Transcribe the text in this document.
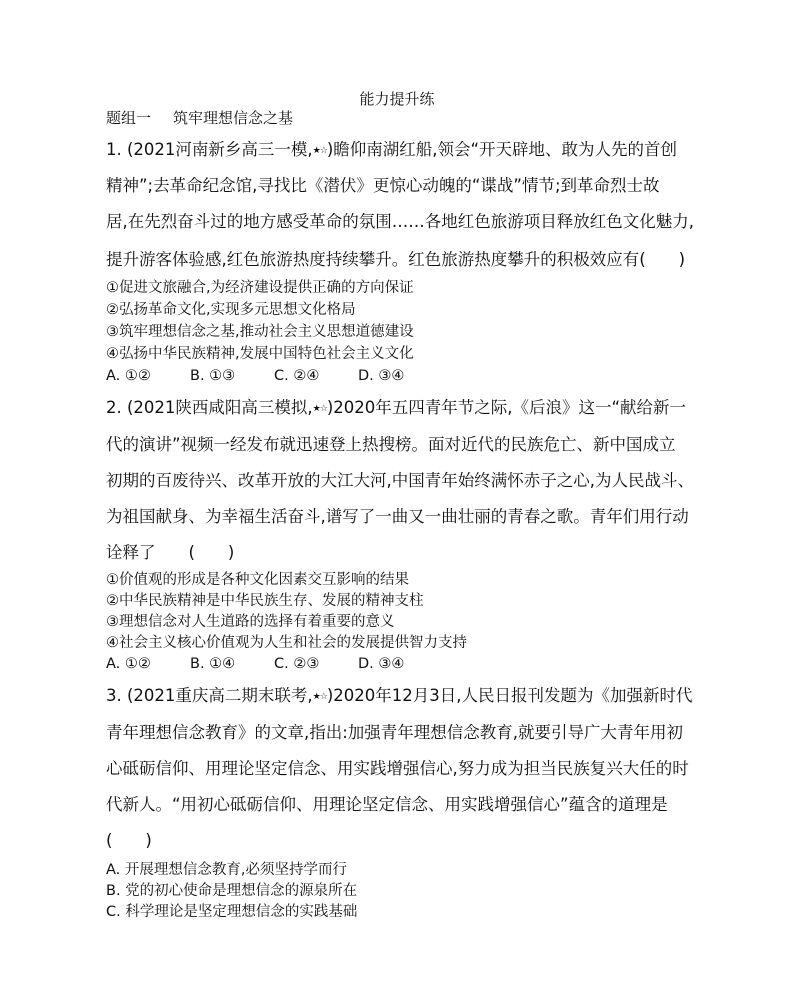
能力提升练
题组一 筑牢理想信念之基
1. (2021河南新乡高三一模,★☆)瞻仰南湖红船,领会“开天辟地、敢为人先的首创
精神”;去革命纪念馆,寻找比《潜伏》更惊心动魄的“谍战”情节;到革命烈士故
居,在先烈奋斗过的地方感受革命的氛围……各地红色旅游项目释放红色文化魅力,
提升游客体验感,红色旅游热度持续攀升。红色旅游热度攀升的积极效应有(　　)
①促进文旅融合,为经济建设提供正确的方向保证
②弘扬革命文化,实现多元思想文化格局
③筑牢理想信念之基,推动社会主义思想道德建设
④弘扬中华民族精神,发展中国特色社会主义文化
A. ①②	B. ①③	C. ②④	D. ③④
2. (2021陕西咸阳高三模拟,★☆)2020年五四青年节之际,《后浪》这一“献给新一
代的演讲”视频一经发布就迅速登上热搜榜。面对近代的民族危亡、新中国成立
初期的百废待兴、改革开放的大江大河,中国青年始终满怀赤子之心,为人民战斗、
为祖国献身、为幸福生活奋斗,谱写了一曲又一曲壮丽的青春之歌。青年们用行动
诠释了　　(　　)
①价值观的形成是各种文化因素交互影响的结果
②中华民族精神是中华民族生存、发展的精神支柱
③理想信念对人生道路的选择有着重要的意义
④社会主义核心价值观为人生和社会的发展提供智力支持
A. ①②	B. ①④	C. ②③	D. ③④
3. (2021重庆高二期末联考,★☆)2020年12月3日,人民日报刊发题为《加强新时代
青年理想信念教育》的文章,指出:加强青年理想信念教育,就要引导广大青年用初
心砥砺信仰、用理论坚定信念、用实践增强信心,努力成为担当民族复兴大任的时
代新人。“用初心砥砺信仰、用理论坚定信念、用实践增强信心”蕴含的道理是
(　　)
A. 开展理想信念教育,必须坚持学而行
B. 党的初心使命是理想信念的源泉所在
C. 科学理论是坚定理想信念的实践基础
